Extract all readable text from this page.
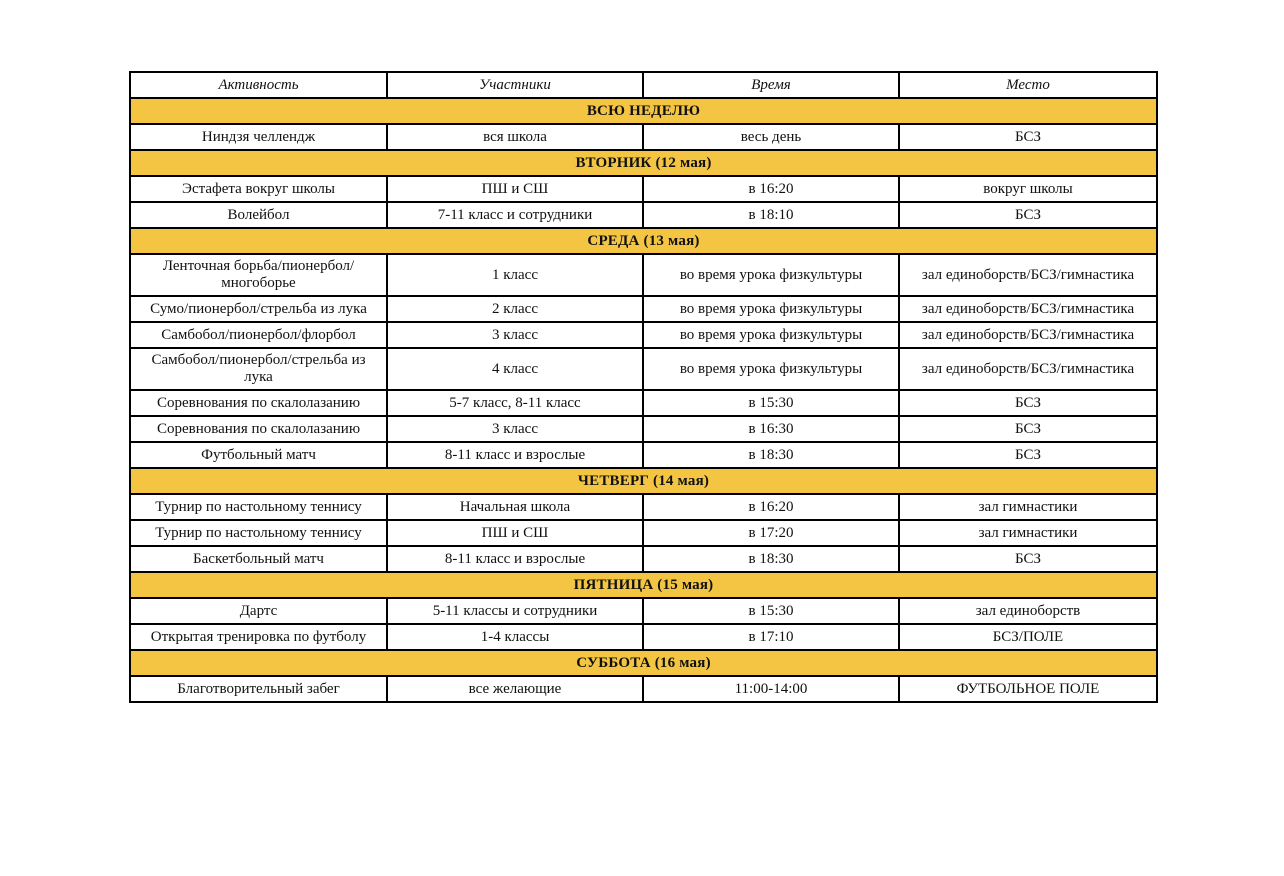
Активность	Участники	Время	Место
ВСЮ НЕДЕЛЮ			
Ниндзя челлендж	вся школа	весь день	БСЗ
ВТОРНИК (12 мая)			
Эстафета вокруг школы	ПШ и СШ	в 16:20	вокруг школы
Волейбол	7-11 класс и сотрудники	в 18:10	БСЗ
СРЕДА (13 мая)			
Ленточная борьба/пионербол/многоборье	1 класс	во время урока физкультуры	зал единоборств/БСЗ/гимнастика
Сумо/пионербол/стрельба из лука	2 класс	во время урока физкультуры	зал единоборств/БСЗ/гимнастика
Самбобол/пионербол/флорбол	3 класс	во время урока физкультуры	зал единоборств/БСЗ/гимнастика
Самбобол/пионербол/стрельба из лука	4 класс	во время урока физкультуры	зал единоборств/БСЗ/гимнастика
Соревнования по скалолазанию	5-7 класс, 8-11 класс	в 15:30	БСЗ
Соревнования по скалолазанию	3 класс	в 16:30	БСЗ
Футбольный матч	8-11 класс и взрослые	в 18:30	БСЗ
ЧЕТВЕРГ (14 мая)			
Турнир по настольному теннису	Начальная школа	в 16:20	зал гимнастики
Турнир по настольному теннису	ПШ и СШ	в 17:20	зал гимнастики
Баскетбольный матч	8-11 класс и взрослые	в 18:30	БСЗ
ПЯТНИЦА (15 мая)			
Дартс	5-11 классы и сотрудники	в 15:30	зал единоборств
Открытая тренировка по футболу	1-4 классы	в 17:10	БСЗ/ПОЛЕ
СУББОТА (16 мая)			
Благотворительный забег	все желающие	11:00-14:00	ФУТБОЛЬНОЕ ПОЛЕ
